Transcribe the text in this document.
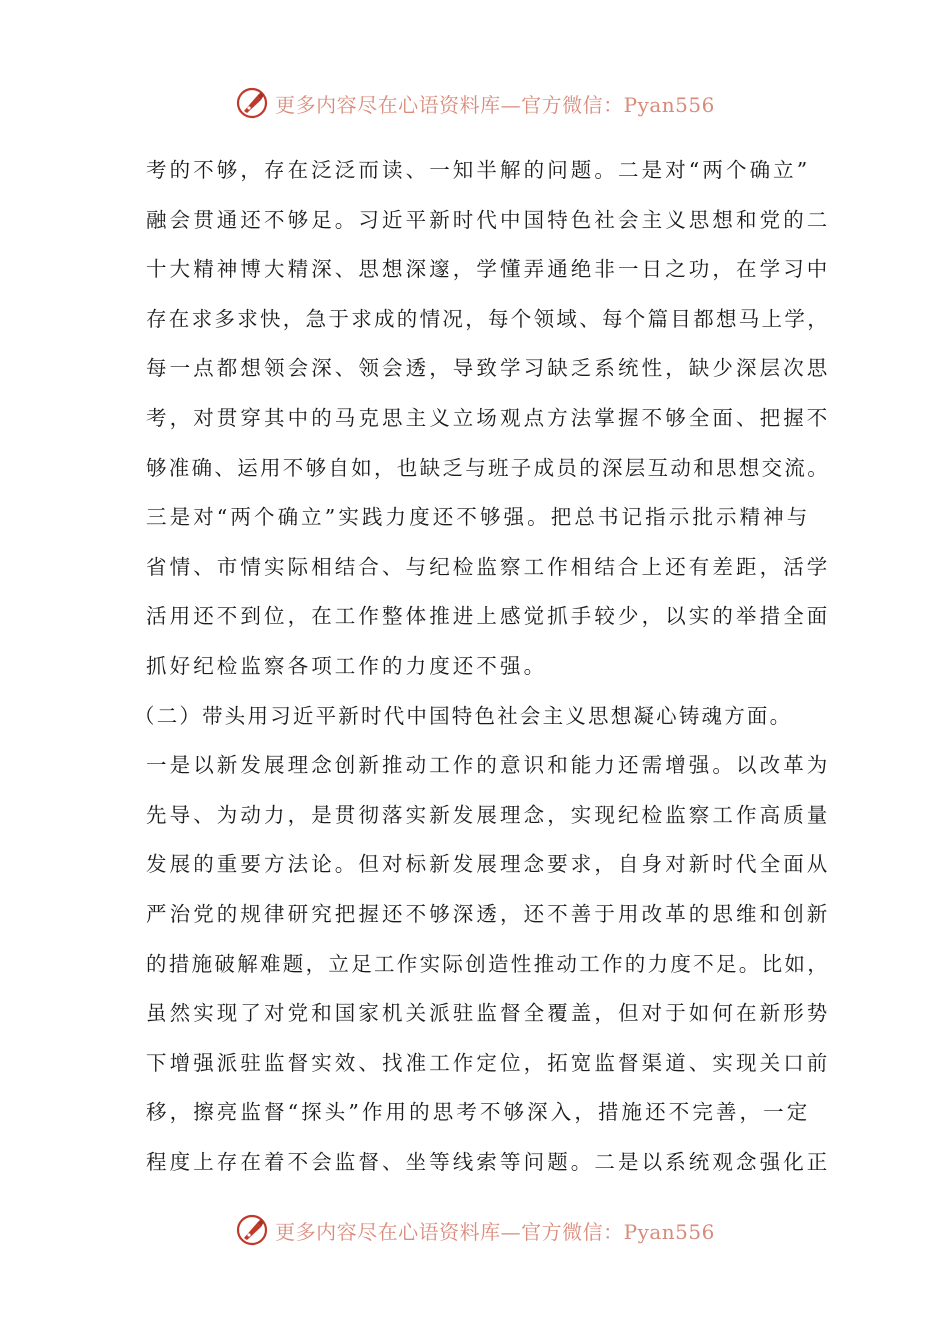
更多内容尽在心语资料库—官方微信：Pyan556
考的不够，存在泛泛而读、一知半解的问题。二是对“两个确立”
融会贯通还不够足。习近平新时代中国特色社会主义思想和党的二
十大精神博大精深、思想深邃，学懂弄通绝非一日之功，在学习中
存在求多求快，急于求成的情况，每个领域、每个篇目都想马上学，
每一点都想领会深、领会透，导致学习缺乏系统性，缺少深层次思
考，对贯穿其中的马克思主义立场观点方法掌握不够全面、把握不
够准确、运用不够自如，也缺乏与班子成员的深层互动和思想交流。
三是对“两个确立”实践力度还不够强。把总书记指示批示精神与
省情、市情实际相结合、与纪检监察工作相结合上还有差距，活学
活用还不到位，在工作整体推进上感觉抓手较少，以实的举措全面
抓好纪检监察各项工作的力度还不强。
（二）带头用习近平新时代中国特色社会主义思想凝心铸魂方面。
一是以新发展理念创新推动工作的意识和能力还需增强。以改革为
先导、为动力，是贯彻落实新发展理念，实现纪检监察工作高质量
发展的重要方法论。但对标新发展理念要求，自身对新时代全面从
严治党的规律研究把握还不够深透，还不善于用改革的思维和创新
的措施破解难题，立足工作实际创造性推动工作的力度不足。比如，
虽然实现了对党和国家机关派驻监督全覆盖，但对于如何在新形势
下增强派驻监督实效、找准工作定位，拓宽监督渠道、实现关口前
移，擦亮监督“探头”作用的思考不够深入，措施还不完善，一定
程度上存在着不会监督、坐等线索等问题。二是以系统观念强化正
更多内容尽在心语资料库—官方微信：Pyan556
